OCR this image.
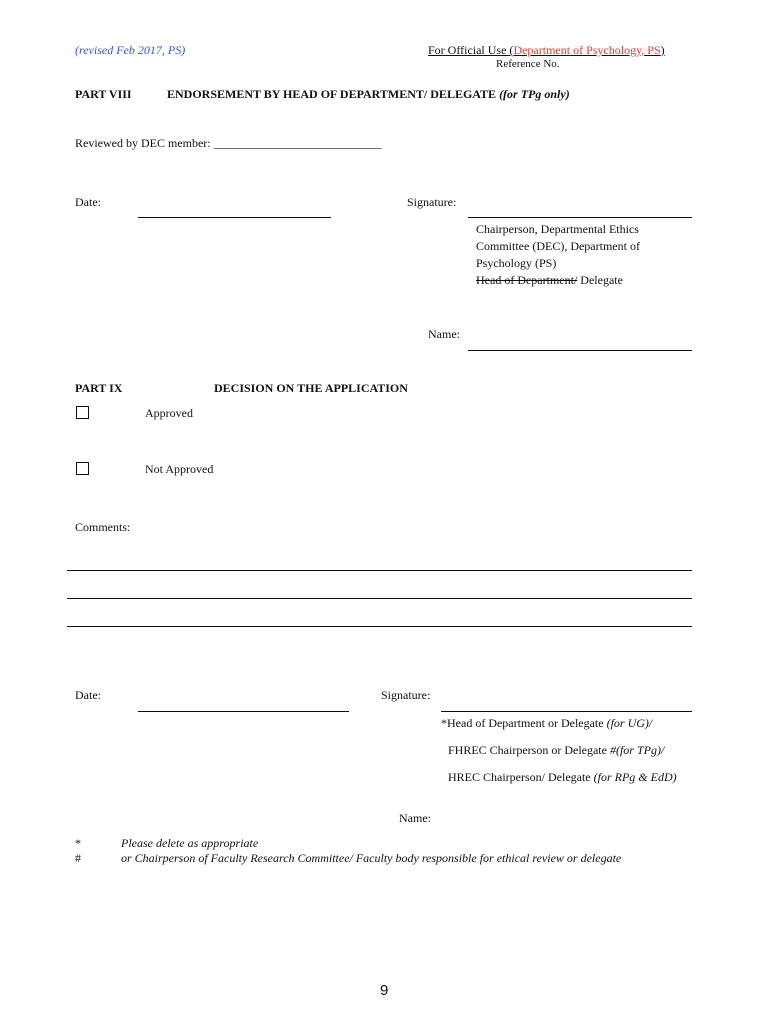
(revised Feb 2017, PS)	For Official Use (Department of Psychology, PS)
Reference No.
PART VIII	ENDORSEMENT BY HEAD OF DEPARTMENT/ DELEGATE (for TPg only)
Reviewed by DEC member: ____________________________
Date:	Signature:
Chairperson, Departmental Ethics
Committee (DEC), Department of
Psychology (PS)
Head of Department/ Delegate
Name:
PART IX	DECISION ON THE APPLICATION
Approved
Not Approved
Comments:
Date:	Signature:
*Head of Department or Delegate (for UG)/
FHREC Chairperson or Delegate #(for TPg)/
HREC Chairperson/ Delegate (for RPg & EdD)
Name:
*	Please delete as appropriate
#	or Chairperson of Faculty Research Committee/ Faculty body responsible for ethical review or delegate
9
